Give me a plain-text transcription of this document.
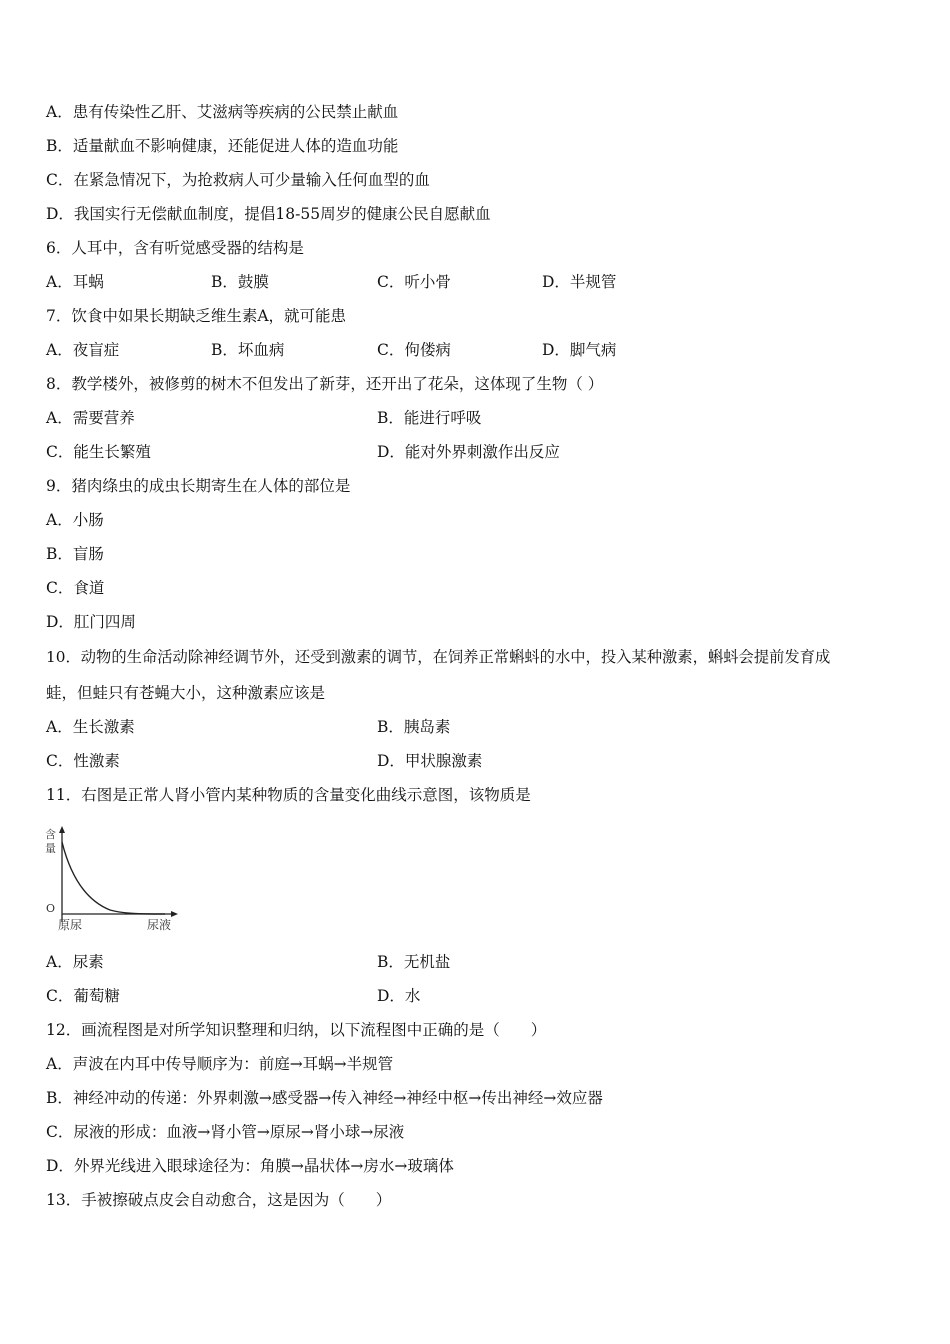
A．患有传染性乙肝、艾滋病等疾病的公民禁止献血
B．适量献血不影响健康，还能促进人体的造血功能
C．在紧急情况下，为抢救病人可少量输入任何血型的血
D．我国实行无偿献血制度，提倡18-55周岁的健康公民自愿献血
6．人耳中，含有听觉感受器的结构是
A．耳蜗	B．鼓膜	C．听小骨	D．半规管
7．饮食中如果长期缺乏维生素A，就可能患
A．夜盲症	B．坏血病	C．佝偻病	D．脚气病
8．教学楼外，被修剪的树木不但发出了新芽，还开出了花朵，这体现了生物（ ）
A．需要营养	B．能进行呼吸
C．能生长繁殖	D．能对外界刺激作出反应
9．猪肉绦虫的成虫长期寄生在人体的部位是
A．小肠
B．盲肠
C．食道
D．肛门四周
10．动物的生命活动除神经调节外，还受到激素的调节，在饲养正常蝌蚪的水中，投入某种激素，蝌蚪会提前发育成
蛙，但蛙只有苍蝇大小，这种激素应该是
A．生长激素	B．胰岛素
C．性激素	D．甲状腺激素
11．右图是正常人肾小管内某种物质的含量变化曲线示意图，该物质是
含
量
O
原尿	尿液
A．尿素	B．无机盐
C．葡萄糖	D．水
12．画流程图是对所学知识整理和归纳，以下流程图中正确的是（　　）
A．声波在内耳中传导顺序为：前庭→耳蜗→半规管
B．神经冲动的传递：外界刺激→感受器→传入神经→神经中枢→传出神经→效应器
C．尿液的形成：血液→肾小管→原尿→肾小球→尿液
D．外界光线进入眼球途径为：角膜→晶状体→房水→玻璃体
13．手被擦破点皮会自动愈合，这是因为（　　）
